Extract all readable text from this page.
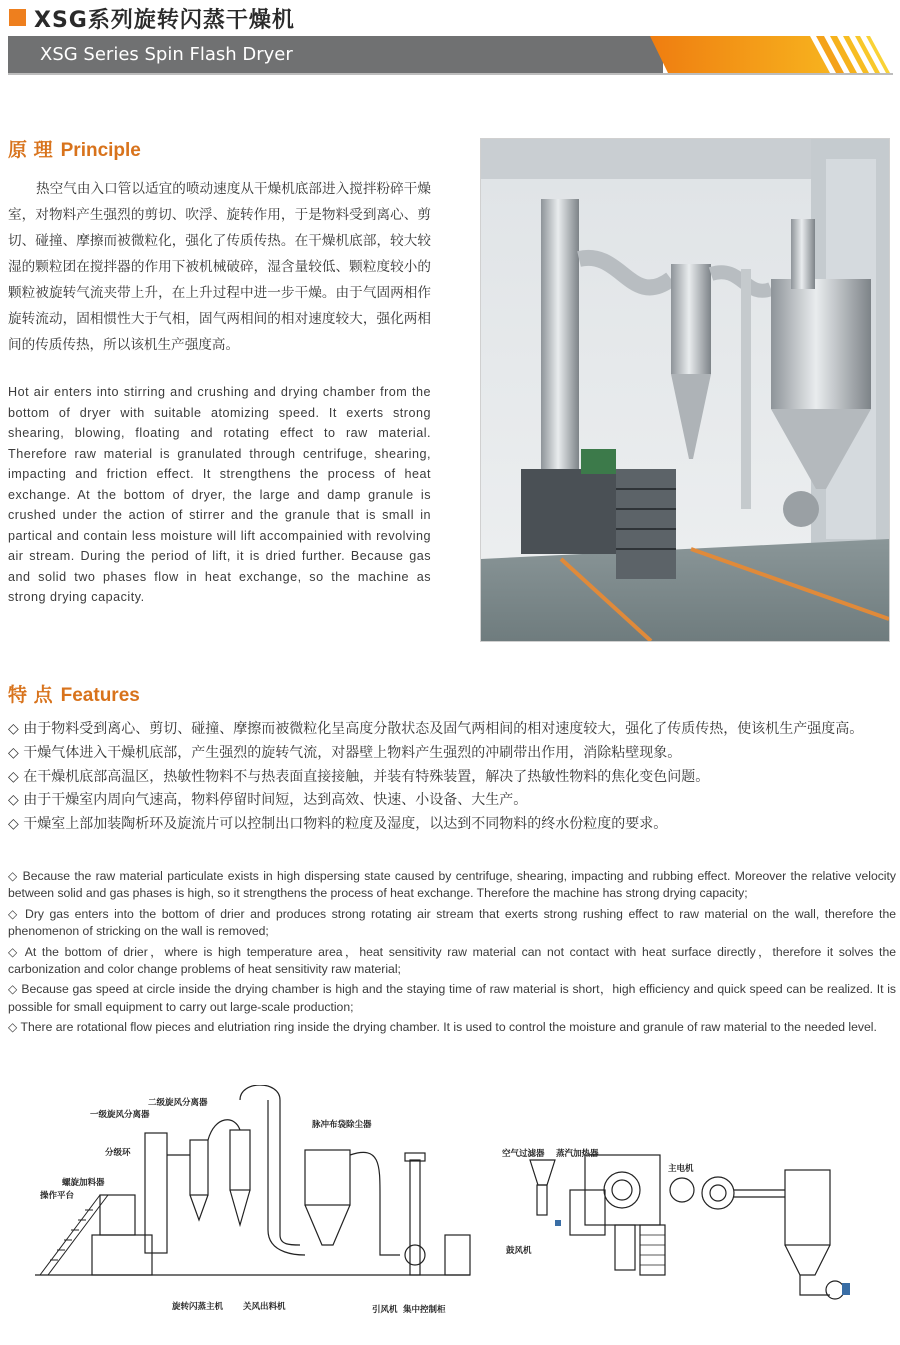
XSG系列旋转闪蒸干燥机
XSG Series Spin Flash Dryer
原 理 Principle
热空气由入口管以适宜的喷动速度从干燥机底部进入搅拌粉碎干燥室，对物料产生强烈的剪切、吹浮、旋转作用，于是物料受到离心、剪切、碰撞、摩擦而被微粒化，强化了传质传热。在干燥机底部，较大较湿的颗粒团在搅拌器的作用下被机械破碎，湿含量较低、颗粒度较小的颗粒被旋转气流夹带上升，在上升过程中进一步干燥。由于气固两相作旋转流动，固相惯性大于气相，固气两相间的相对速度较大，强化两相间的传质传热，所以该机生产强度高。
Hot air enters into stirring and crushing and drying chamber from the bottom of dryer with suitable atomizing speed. It exerts strong shearing, blowing, floating and rotating effect to raw material. Therefore raw material is granulated through centrifuge, shearing, impacting and friction effect. It strengthens the process of heat exchange. At the bottom of dryer, the large and damp granule is crushed under the action of stirrer and the granule that is small in partical and contain less moisture will lift accompainied with revolving air stream. During the period of lift, it is dried further. Because gas and solid two phases flow in heat exchange, so the machine as strong drying capacity.
特 点 Features
◇ 由于物料受到离心、剪切、碰撞、摩擦而被微粒化呈高度分散状态及固气两相间的相对速度较大，强化了传质传热，使该机生产强度高。
◇ 干燥气体进入干燥机底部，产生强烈的旋转气流，对器壁上物料产生强烈的冲刷带出作用，消除粘壁现象。
◇ 在干燥机底部高温区，热敏性物料不与热表面直接接触，并装有特殊装置，解决了热敏性物料的焦化变色问题。
◇ 由于干燥室内周向气速高，物料停留时间短，达到高效、快速、小设备、大生产。
◇ 干燥室上部加装陶析环及旋流片可以控制出口物料的粒度及湿度，以达到不同物料的终水份粒度的要求。
◇ Because the raw material particulate exists in high dispersing state caused by centrifuge, shearing, impacting and rubbing effect. Moreover the relative velocity between solid and gas phases is high, so it strengthens the process of heat exchange. Therefore the machine has strong drying capacity;
◇ Dry gas enters into the bottom of drier and produces strong rotating air stream that exerts strong rushing effect to raw material on the wall, therefore the phenomenon of stricking on the wall is removed;
◇ At the bottom of drier，where is high temperature area，heat sensitivity raw material can not contact with heat surface directly，therefore it solves the carbonization and color change problems of heat sensitivity raw material;
◇ Because gas speed at circle inside the drying chamber is high and the staying time of raw material is short，high efficiency and quick speed can be realized. It is possible for small equipment to carry out large-scale production;
◇ There are rotational flow pieces and elutriation ring inside the drying chamber. It is used to control the moisture and granule of raw material to the needed level.
二级旋风分离器
一级旋风分离器
分级环
脉冲布袋除尘器
螺旋加料器
操作平台
旋转闪蒸主机 关风出料机	引风机 集中控制柜
空气过滤器 蒸汽加热器
主电机
鼓风机
